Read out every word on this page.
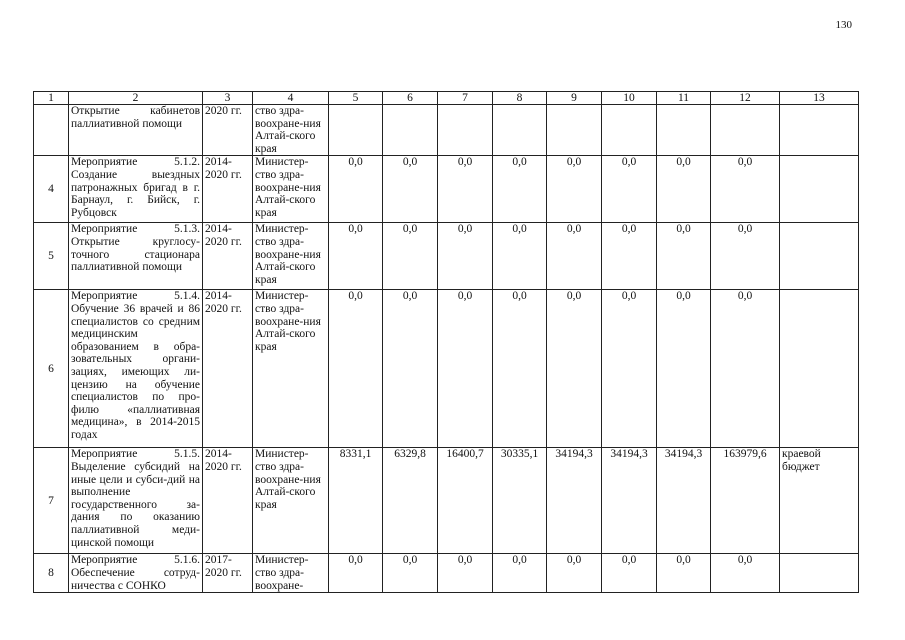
130
1	2	3	4	5	6	7	8	9	10	11	12	13
	Открытие кабинетов паллиативной помощи	2020 гг.	ство здра-воохране-ния Алтай-ского края									
4	Мероприятие 5.1.2. Создание выездных патронажных бригад в г. Барнаул, г. Бийск, г. Рубцовск	2014-2020 гг.	Министер-ство здра-воохране-ния Алтай-ского края	0,0	0,0	0,0	0,0	0,0	0,0	0,0	0,0	
5	Мероприятие 5.1.3. Открытие круглосу-точного стационара паллиативной помощи	2014-2020 гг.	Министер-ство здра-воохране-ния Алтай-ского края	0,0	0,0	0,0	0,0	0,0	0,0	0,0	0,0	
6	Мероприятие 5.1.4. Обучение 36 врачей и 86 специалистов со средним медицинским образованием в обра-зовательных органи-зациях, имеющих ли-цензию на обучение специалистов по про-филю «паллиативная медицина», в 2014-2015 годах	2014-2020 гг.	Министер-ство здра-воохране-ния Алтай-ского края	0,0	0,0	0,0	0,0	0,0	0,0	0,0	0,0	
7	Мероприятие 5.1.5. Выделение субсидий на иные цели и субси-дий на выполнение государственного за-дания по оказанию паллиативной меди-цинской помощи	2014-2020 гг.	Министер-ство здра-воохране-ния Алтай-ского края	8331,1	6329,8	16400,7	30335,1	34194,3	34194,3	34194,3	163979,6	краевой бюджет
8	Мероприятие 5.1.6. Обеспечение сотруд-ничества с СОНКО	2017-2020 гг.	Министер-ство здра-воохране-	0,0	0,0	0,0	0,0	0,0	0,0	0,0	0,0	
